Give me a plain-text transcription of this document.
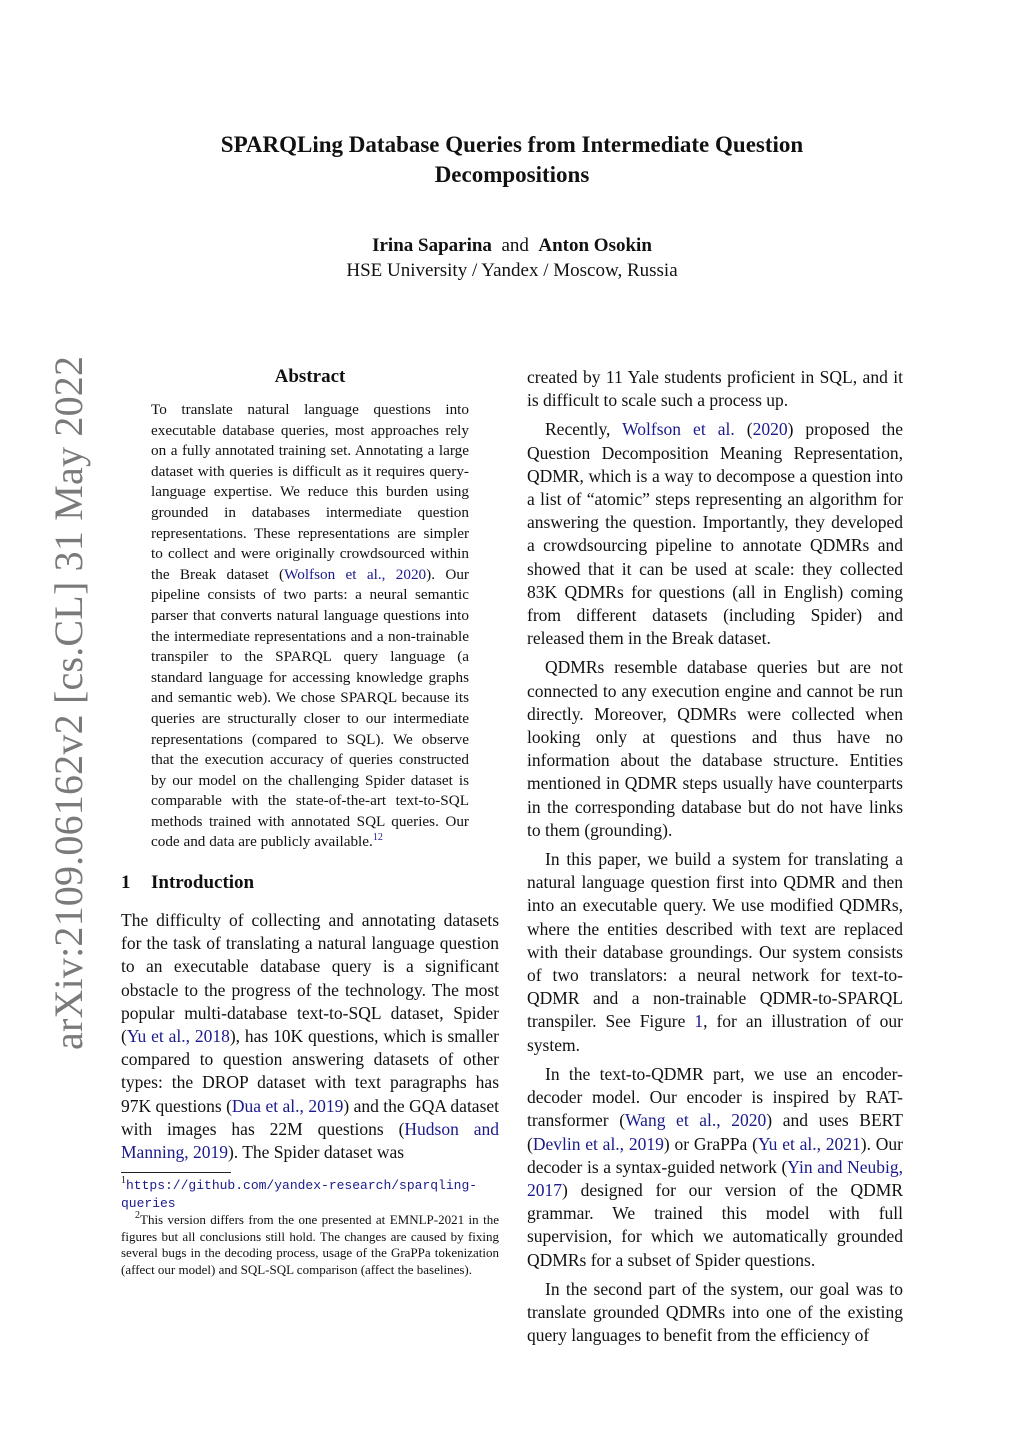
arXiv:2109.06162v2 [cs.CL] 31 May 2022
SPARQLing Database Queries from Intermediate Question
Decompositions
Irina Saparina and Anton Osokin
HSE University / Yandex / Moscow, Russia
Abstract
To translate natural language questions into executable database queries, most approaches rely on a fully annotated training set. Annotating a large dataset with queries is difficult as it requires query-language expertise. We reduce this burden using grounded in databases intermediate question representations. These representations are simpler to collect and were originally crowdsourced within the Break dataset (Wolfson et al., 2020). Our pipeline consists of two parts: a neural semantic parser that converts natural language questions into the intermediate representations and a non-trainable transpiler to the SPARQL query language (a standard language for accessing knowledge graphs and semantic web). We chose SPARQL because its queries are structurally closer to our intermediate representations (compared to SQL). We observe that the execution accuracy of queries constructed by our model on the challenging Spider dataset is comparable with the state-of-the-art text-to-SQL methods trained with annotated SQL queries. Our code and data are publicly available.$^{12}$
1 Introduction

The difficulty of collecting and annotating datasets for the task of translating a natural language question to an executable database query is a significant obstacle to the progress of the technology. The most popular multi-database text-to-SQL dataset, Spider (Yu et al., 2018), has 10K questions, which is smaller compared to question answering datasets of other types: the DROP dataset with text paragraphs has 97K questions (Dua et al., 2019) and the GQA dataset with images has 22M questions (Hudson and Manning, 2019). The Spider dataset was

$^1$https://github.com/yandex-research/sparqling-queries

$^2$This version differs from the one presented at EMNLP-2021 in the figures but all conclusions still hold. The changes are caused by fixing several bugs in the decoding process, usage of the GraPPa tokenization (affect our model) and SQL-SQL comparison (affect the baselines).

created by 11 Yale students proficient in SQL, and it is difficult to scale such a process up.

Recently, Wolfson et al. (2020) proposed the Question Decomposition Meaning Representation, QDMR, which is a way to decompose a question into a list of “atomic” steps representing an algorithm for answering the question. Importantly, they developed a crowdsourcing pipeline to annotate QDMRs and showed that it can be used at scale: they collected 83K QDMRs for questions (all in English) coming from different datasets (including Spider) and released them in the Break dataset.

QDMRs resemble database queries but are not connected to any execution engine and cannot be run directly. Moreover, QDMRs were collected when looking only at questions and thus have no information about the database structure. Entities mentioned in QDMR steps usually have counterparts in the corresponding database but do not have links to them (grounding).

In this paper, we build a system for translating a natural language question first into QDMR and then into an executable query. We use modified QDMRs, where the entities described with text are replaced with their database groundings. Our system consists of two translators: a neural network for text-to-QDMR and a non-trainable QDMR-to-SPARQL transpiler. See Figure 1, for an illustration of our system.

In the text-to-QDMR part, we use an encoder-decoder model. Our encoder is inspired by RAT-transformer (Wang et al., 2020) and uses BERT (Devlin et al., 2019) or GraPPa (Yu et al., 2021). Our decoder is a syntax-guided network (Yin and Neubig, 2017) designed for our version of the QDMR grammar. We trained this model with full supervision, for which we automatically grounded QDMRs for a subset of Spider questions.

In the second part of the system, our goal was to translate grounded QDMRs into one of the existing query languages to benefit from the efficiency of
